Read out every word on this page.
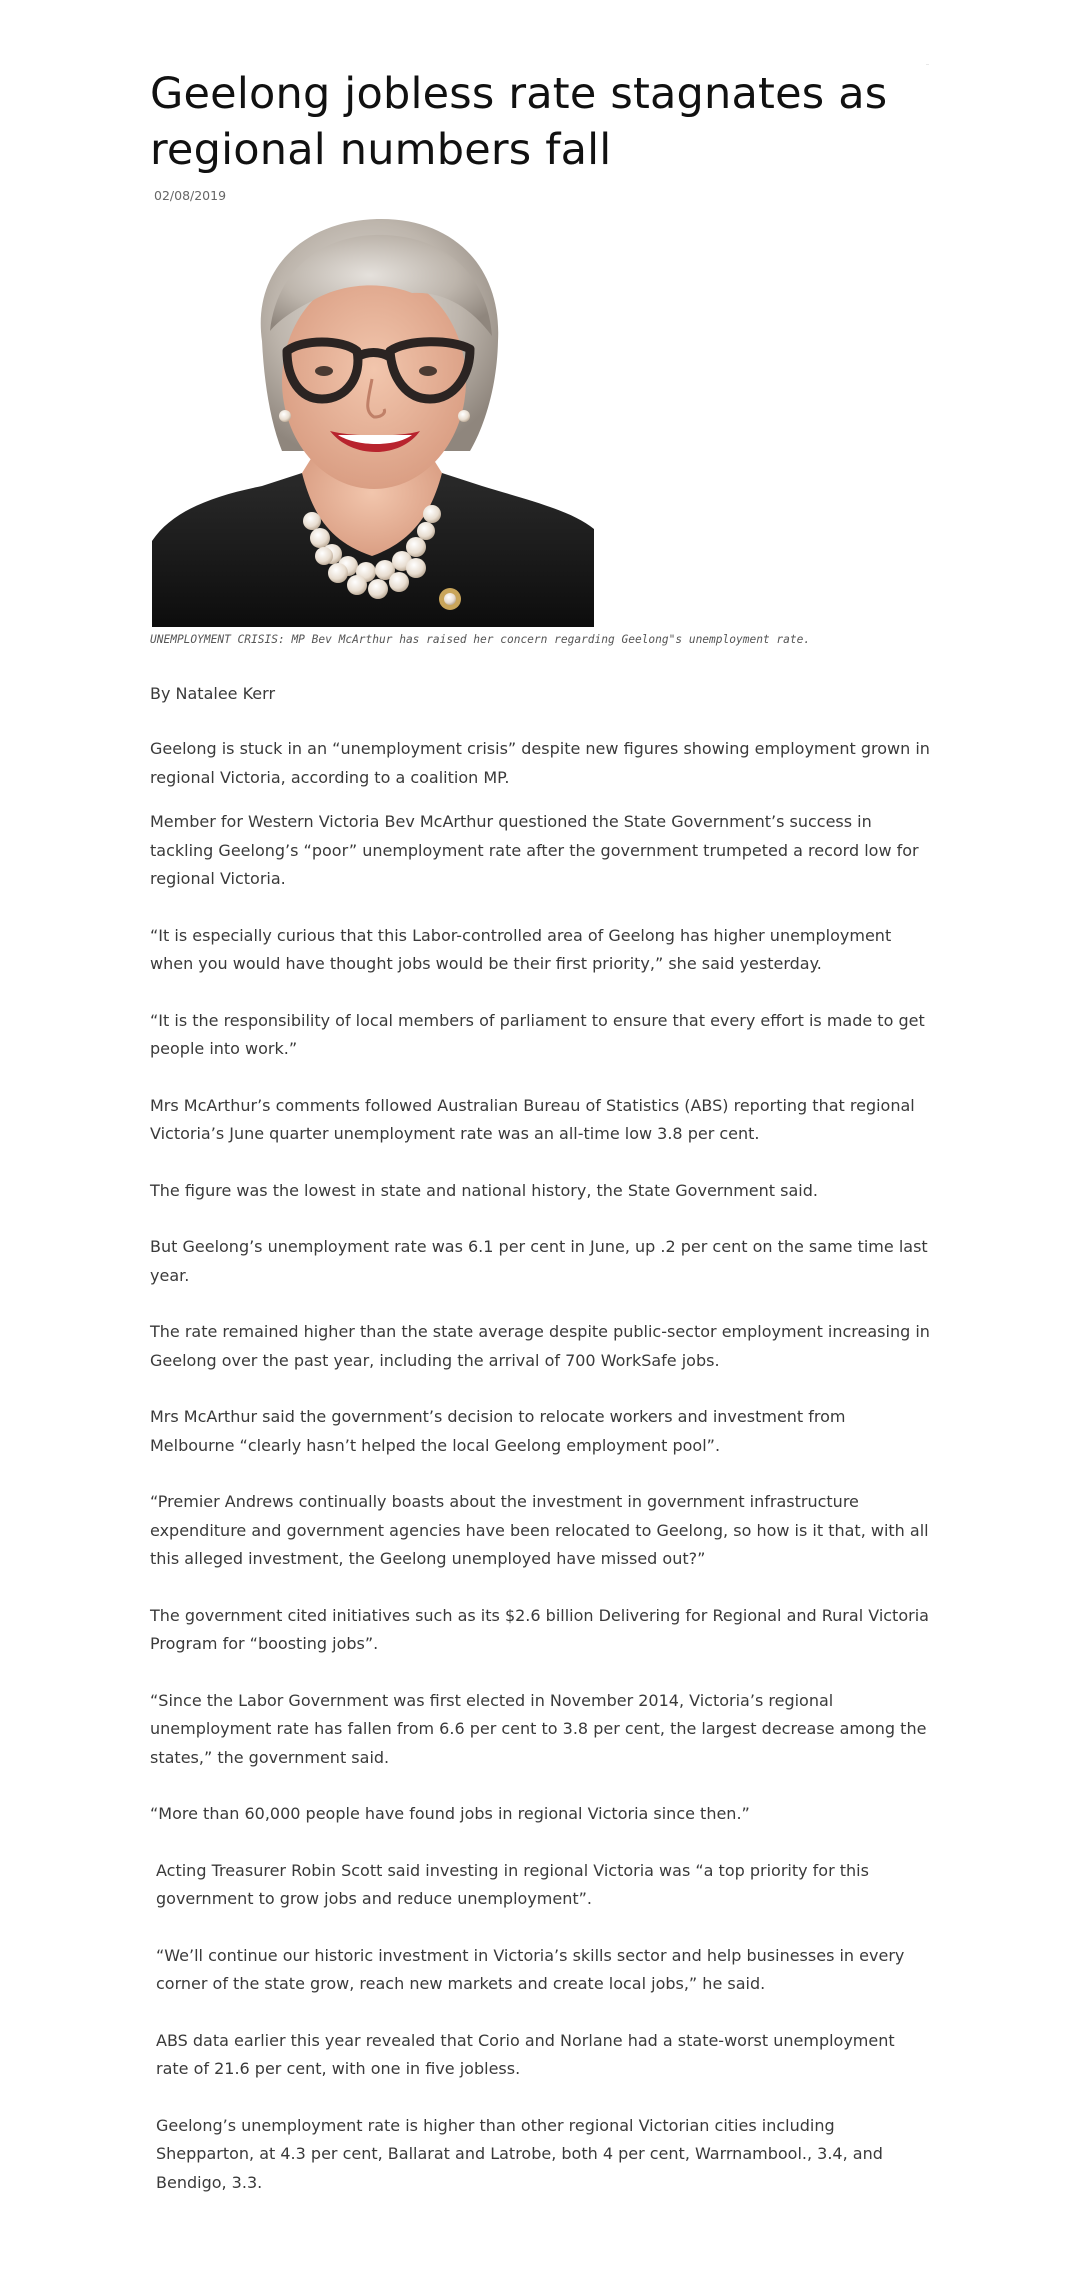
Geelong jobless rate stagnates as regional numbers fall
02/08/2019
UNEMPLOYMENT CRISIS: MP Bev McArthur has raised her concern regarding Geelong"s unemployment rate.
By Natalee Kerr

Geelong is stuck in an “unemployment crisis” despite new figures showing employment grown in regional Victoria, according to a coalition MP.

Member for Western Victoria Bev McArthur questioned the State Government’s success in tackling Geelong’s “poor” unemployment rate after the government trumpeted a record low for regional Victoria.

“It is especially curious that this Labor-controlled area of Geelong has higher unemployment when you would have thought jobs would be their first priority,” she said yesterday.

“It is the responsibility of local members of parliament to ensure that every effort is made to get people into work.”

Mrs McArthur’s comments followed Australian Bureau of Statistics (ABS) reporting that regional Victoria’s June quarter unemployment rate was an all-time low 3.8 per cent.

The figure was the lowest in state and national history, the State Government said.

But Geelong’s unemployment rate was 6.1 per cent in June, up .2 per cent on the same time last year.

The rate remained higher than the state average despite public-sector employment increasing in Geelong over the past year, including the arrival of 700 WorkSafe jobs.

Mrs McArthur said the government’s decision to relocate workers and investment from Melbourne “clearly hasn’t helped the local Geelong employment pool”.

“Premier Andrews continually boasts about the investment in government infrastructure expenditure and government agencies have been relocated to Geelong, so how is it that, with all this alleged investment, the Geelong unemployed have missed out?”

The government cited initiatives such as its $2.6 billion Delivering for Regional and Rural Victoria Program for “boosting jobs”.

“Since the Labor Government was first elected in November 2014, Victoria’s regional unemployment rate has fallen from 6.6 per cent to 3.8 per cent, the largest decrease among the states,” the government said.

“More than 60,000 people have found jobs in regional Victoria since then.”

Acting Treasurer Robin Scott said investing in regional Victoria was “a top priority for this government to grow jobs and reduce unemployment”.

“We’ll continue our historic investment in Victoria’s skills sector and help businesses in every corner of the state grow, reach new markets and create local jobs,” he said.

ABS data earlier this year revealed that Corio and Norlane had a state-worst unemployment rate of 21.6 per cent, with one in five jobless.

Geelong’s unemployment rate is higher than other regional Victorian cities including Shepparton, at 4.3 per cent, Ballarat and Latrobe, both 4 per cent, Warrnambool., 3.4, and Bendigo, 3.3.
